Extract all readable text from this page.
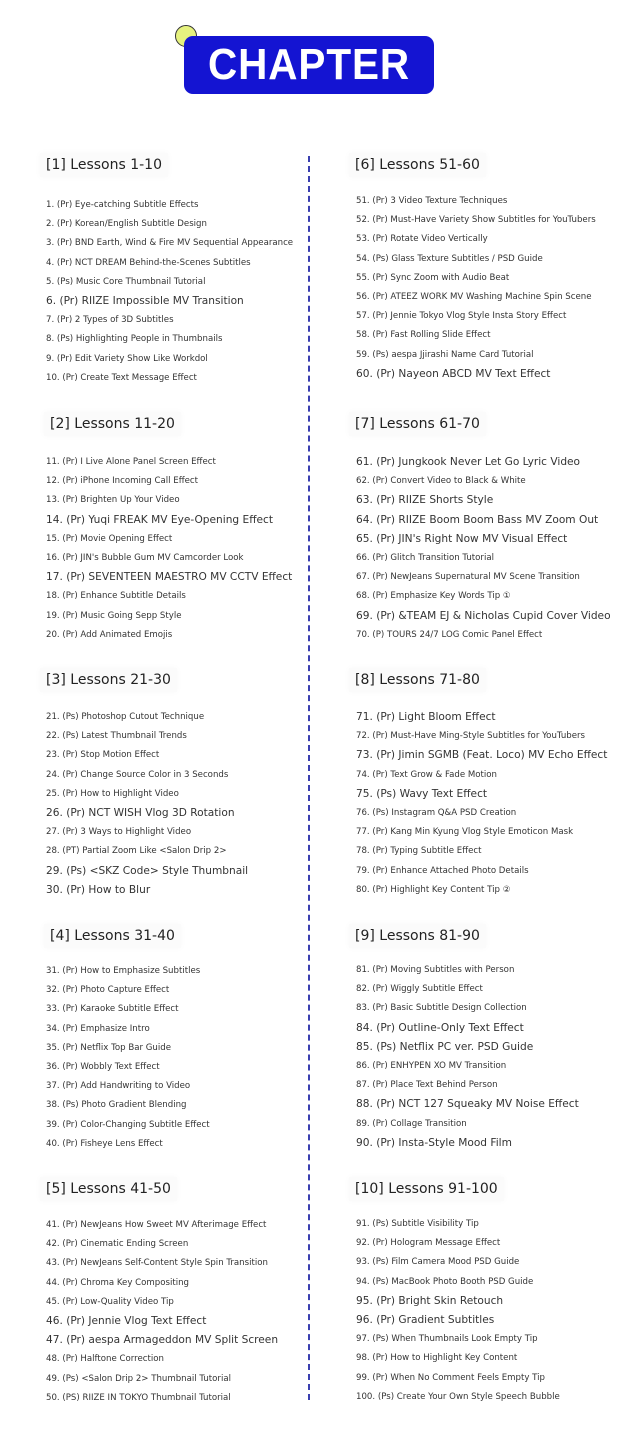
CHAPTER
[1] Lessons 1-10
1. (Pr) Eye-catching Subtitle Effects
2. (Pr) Korean/English Subtitle Design
3. (Pr) BND Earth, Wind & Fire MV Sequential Appearance
4. (Pr) NCT DREAM Behind-the-Scenes Subtitles
5. (Ps) Music Core Thumbnail Tutorial
6. (Pr) RIIZE Impossible MV Transition
7. (Pr) 2 Types of 3D Subtitles
8. (Ps) Highlighting People in Thumbnails
9. (Pr) Edit Variety Show Like Workdol
10. (Pr) Create Text Message Effect
[2] Lessons 11-20
11. (Pr) I Live Alone Panel Screen Effect
12. (Pr) iPhone Incoming Call Effect
13. (Pr) Brighten Up Your Video
14. (Pr) Yuqi FREAK MV Eye-Opening Effect
15. (Pr) Movie Opening Effect
16. (Pr) JIN's Bubble Gum MV Camcorder Look
17. (Pr) SEVENTEEN MAESTRO MV CCTV Effect
18. (Pr) Enhance Subtitle Details
19. (Pr) Music Going Sepp Style
20. (Pr) Add Animated Emojis
[3] Lessons 21-30
21. (Ps) Photoshop Cutout Technique
22. (Ps) Latest Thumbnail Trends
23. (Pr) Stop Motion Effect
24. (Pr) Change Source Color in 3 Seconds
25. (Pr) How to Highlight Video
26. (Pr) NCT WISH Vlog 3D Rotation
27. (Pr) 3 Ways to Highlight Video
28. (PT) Partial Zoom Like <Salon Drip 2>
29. (Ps) <SKZ Code> Style Thumbnail
30. (Pr) How to Blur
[4] Lessons 31-40
31. (Pr) How to Emphasize Subtitles
32. (Pr) Photo Capture Effect
33. (Pr) Karaoke Subtitle Effect
34. (Pr) Emphasize Intro
35. (Pr) Netflix Top Bar Guide
36. (Pr) Wobbly Text Effect
37. (Pr) Add Handwriting to Video
38. (Ps) Photo Gradient Blending
39. (Pr) Color-Changing Subtitle Effect
40. (Pr) Fisheye Lens Effect
[5] Lessons 41-50
41. (Pr) NewJeans How Sweet MV Afterimage Effect
42. (Pr) Cinematic Ending Screen
43. (Pr) NewJeans Self-Content Style Spin Transition
44. (Pr) Chroma Key Compositing
45. (Pr) Low-Quality Video Tip
46. (Pr) Jennie Vlog Text Effect
47. (Pr) aespa Armageddon MV Split Screen
48. (Pr) Halftone Correction
49. (Ps) <Salon Drip 2> Thumbnail Tutorial
50. (PS) RIIZE IN TOKYO Thumbnail Tutorial
[6] Lessons 51-60
51. (Pr) 3 Video Texture Techniques
52. (Pr) Must-Have Variety Show Subtitles for YouTubers
53. (Pr) Rotate Video Vertically
54. (Ps) Glass Texture Subtitles / PSD Guide
55. (Pr) Sync Zoom with Audio Beat
56. (Pr) ATEEZ WORK MV Washing Machine Spin Scene
57. (Pr) Jennie Tokyo Vlog Style Insta Story Effect
58. (Pr) Fast Rolling Slide Effect
59. (Ps) aespa Jjirashi Name Card Tutorial
60. (Pr) Nayeon ABCD MV Text Effect
[7] Lessons 61-70
61. (Pr) Jungkook Never Let Go Lyric Video
62. (Pr) Convert Video to Black & White
63. (Pr) RIIZE Shorts Style
64. (Pr) RIIZE Boom Boom Bass MV Zoom Out
65. (Pr) JIN's Right Now MV Visual Effect
66. (Pr) Glitch Transition Tutorial
67. (Pr) NewJeans Supernatural MV Scene Transition
68. (Pr) Emphasize Key Words Tip ①
69. (Pr) &TEAM EJ & Nicholas Cupid Cover Video
70. (P) TOURS 24/7 LOG Comic Panel Effect
[8] Lessons 71-80
71. (Pr) Light Bloom Effect
72. (Pr) Must-Have Ming-Style Subtitles for YouTubers
73. (Pr) Jimin SGMB (Feat. Loco) MV Echo Effect
74. (Pr) Text Grow & Fade Motion
75. (Ps) Wavy Text Effect
76. (Ps) Instagram Q&A PSD Creation
77. (Pr) Kang Min Kyung Vlog Style Emoticon Mask
78. (Pr) Typing Subtitle Effect
79. (Pr) Enhance Attached Photo Details
80. (Pr) Highlight Key Content Tip ②
[9] Lessons 81-90
81. (Pr) Moving Subtitles with Person
82. (Pr) Wiggly Subtitle Effect
83. (Pr) Basic Subtitle Design Collection
84. (Pr) Outline-Only Text Effect
85. (Ps) Netflix PC ver. PSD Guide
86. (Pr) ENHYPEN XO MV Transition
87. (Pr) Place Text Behind Person
88. (Pr) NCT 127 Squeaky MV Noise Effect
89. (Pr) Collage Transition
90. (Pr) Insta-Style Mood Film
[10] Lessons 91-100
91. (Ps) Subtitle Visibility Tip
92. (Pr) Hologram Message Effect
93. (Ps) Film Camera Mood PSD Guide
94. (Ps) MacBook Photo Booth PSD Guide
95. (Pr) Bright Skin Retouch
96. (Pr) Gradient Subtitles
97. (Ps) When Thumbnails Look Empty Tip
98. (Pr) How to Highlight Key Content
99. (Pr) When No Comment Feels Empty Tip
100. (Ps) Create Your Own Style Speech Bubble
